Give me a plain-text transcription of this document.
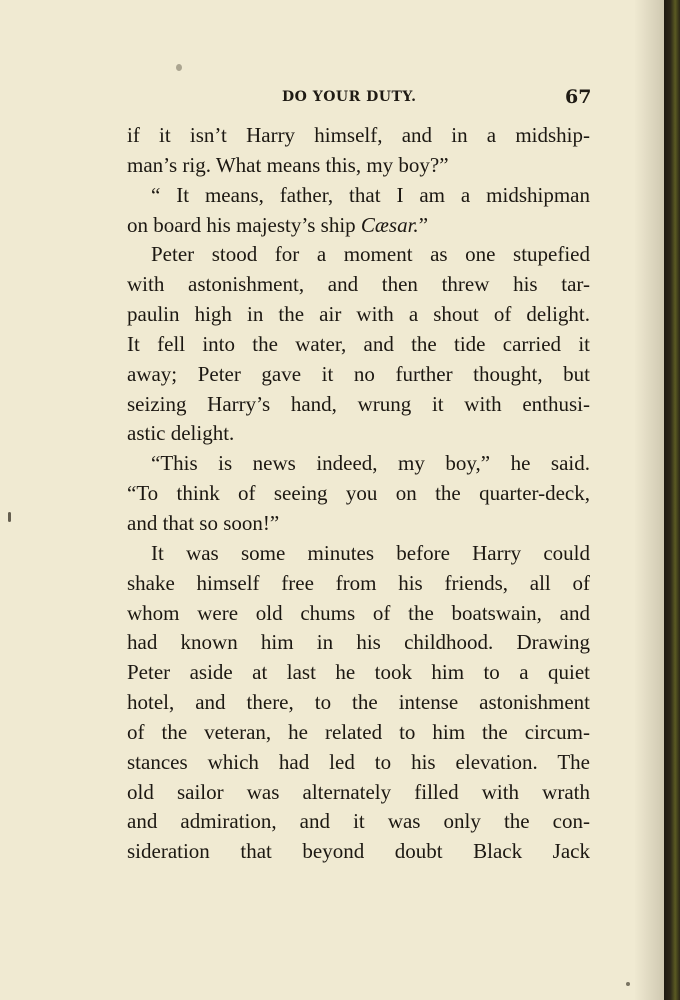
DO YOUR DUTY.	67
if it isn’t Harry himself, and in a midship-
man’s rig. What means this, my boy?”
“ It means, father, that I am a midshipman
on board his majesty’s ship Cæsar.”
Peter stood for a moment as one stupefied
with astonishment, and then threw his tar-
paulin high in the air with a shout of delight.
It fell into the water, and the tide carried it
away; Peter gave it no further thought, but
seizing Harry’s hand, wrung it with enthusi-
astic delight.
“This is news indeed, my boy,” he said.
“To think of seeing you on the quarter-deck,
and that so soon!”
It was some minutes before Harry could
shake himself free from his friends, all of
whom were old chums of the boatswain, and
had known him in his childhood. Drawing
Peter aside at last he took him to a quiet
hotel, and there, to the intense astonishment
of the veteran, he related to him the circum-
stances which had led to his elevation. The
old sailor was alternately filled with wrath
and admiration, and it was only the con-
sideration that beyond doubt Black Jack
